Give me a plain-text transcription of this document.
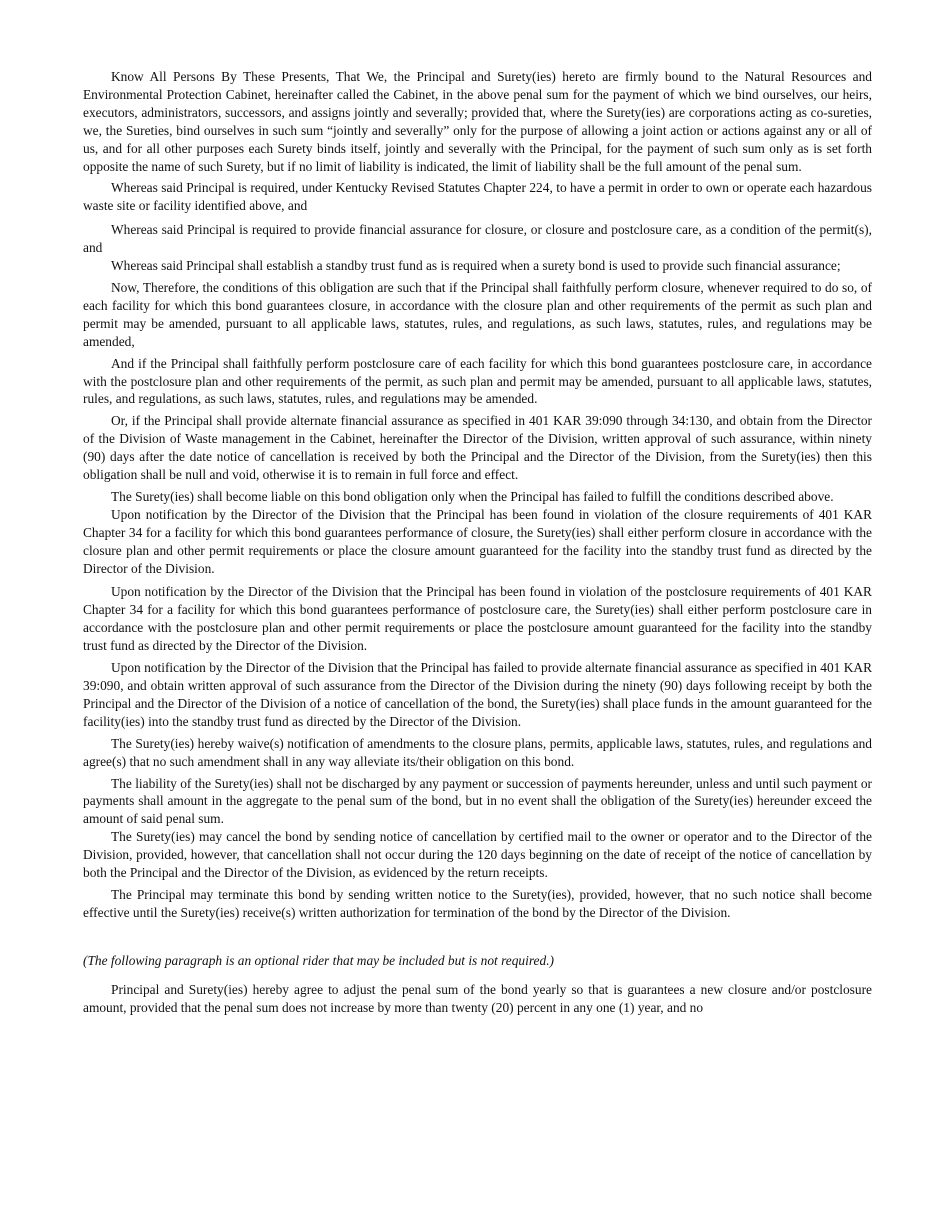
Know All Persons By These Presents, That We, the Principal and Surety(ies) hereto are firmly bound to the Natural Resources and Environmental Protection Cabinet, hereinafter called the Cabinet, in the above penal sum for the payment of which we bind ourselves, our heirs, executors, administrators, successors, and assigns jointly and severally; provided that, where the Surety(ies) are corporations acting as co-sureties, we, the Sureties, bind ourselves in such sum “jointly and severally” only for the purpose of allowing a joint action or actions against any or all of us, and for all other purposes each Surety binds itself, jointly and severally with the Principal, for the payment of such sum only as is set forth opposite the name of such Surety, but if no limit of liability is indicated, the limit of liability shall be the full amount of the penal sum.

Whereas said Principal is required, under Kentucky Revised Statutes Chapter 224, to have a permit in order to own or operate each hazardous waste site or facility identified above, and

Whereas said Principal is required to provide financial assurance for closure, or closure and postclosure care, as a condition of the permit(s), and

Whereas said Principal shall establish a standby trust fund as is required when a surety bond is used to provide such financial assurance;

Now, Therefore, the conditions of this obligation are such that if the Principal shall faithfully perform closure, whenever required to do so, of each facility for which this bond guarantees closure, in accordance with the closure plan and other requirements of the permit as such plan and permit may be amended, pursuant to all applicable laws, statutes, rules, and regulations, as such laws, statutes, rules, and regulations may be amended,

And if the Principal shall faithfully perform postclosure care of each facility for which this bond guarantees postclosure care, in accordance with the postclosure plan and other requirements of the permit, as such plan and permit may be amended, pursuant to all applicable laws, statutes, rules, and regulations, as such laws, statutes, rules, and regulations may be amended.

Or, if the Principal shall provide alternate financial assurance as specified in 401 KAR 39:090 through 34:130, and obtain from the Director of the Division of Waste management in the Cabinet, hereinafter the Director of the Division, written approval of such assurance, within ninety (90) days after the date notice of cancellation is received by both the Principal and the Director of the Division, from the Surety(ies) then this obligation shall be null and void, otherwise it is to remain in full force and effect.

The Surety(ies) shall become liable on this bond obligation only when the Principal has failed to fulfill the conditions described above.

Upon notification by the Director of the Division that the Principal has been found in violation of the closure requirements of 401 KAR Chapter 34 for a facility for which this bond guarantees performance of closure, the Surety(ies) shall either perform closure in accordance with the closure plan and other permit requirements or place the closure amount guaranteed for the facility into the standby trust fund as directed by the Director of the Division.

Upon notification by the Director of the Division that the Principal has been found in violation of the postclosure requirements of 401 KAR Chapter 34 for a facility for which this bond guarantees performance of postclosure care, the Surety(ies) shall either perform postclosure care in accordance with the postclosure plan and other permit requirements or place the postclosure amount guaranteed for the facility into the standby trust fund as directed by the Director of the Division.

Upon notification by the Director of the Division that the Principal has failed to provide alternate financial assurance as specified in 401 KAR 39:090, and obtain written approval of such assurance from the Director of the Division during the ninety (90) days following receipt by both the Principal and the Director of the Division of a notice of cancellation of the bond, the Surety(ies) shall place funds in the amount guaranteed for the facility(ies) into the standby trust fund as directed by the Director of the Division.

The Surety(ies) hereby waive(s) notification of amendments to the closure plans, permits, applicable laws, statutes, rules, and regulations and agree(s) that no such amendment shall in any way alleviate its/their obligation on this bond.

The liability of the Surety(ies) shall not be discharged by any payment or succession of payments hereunder, unless and until such payment or payments shall amount in the aggregate to the penal sum of the bond, but in no event shall the obligation of the Surety(ies) hereunder exceed the amount of said penal sum.

The Surety(ies) may cancel the bond by sending notice of cancellation by certified mail to the owner or operator and to the Director of the Division, provided, however, that cancellation shall not occur during the 120 days beginning on the date of receipt of the notice of cancellation by both the Principal and the Director of the Division, as evidenced by the return receipts.

The Principal may terminate this bond by sending written notice to the Surety(ies), provided, however, that no such notice shall become effective until the Surety(ies) receive(s) written authorization for termination of the bond by the Director of the Division.

(The following paragraph is an optional rider that may be included but is not required.)

Principal and Surety(ies) hereby agree to adjust the penal sum of the bond yearly so that is guarantees a new closure and/or postclosure amount, provided that the penal sum does not increase by more than twenty (20) percent in any one (1) year, and no
